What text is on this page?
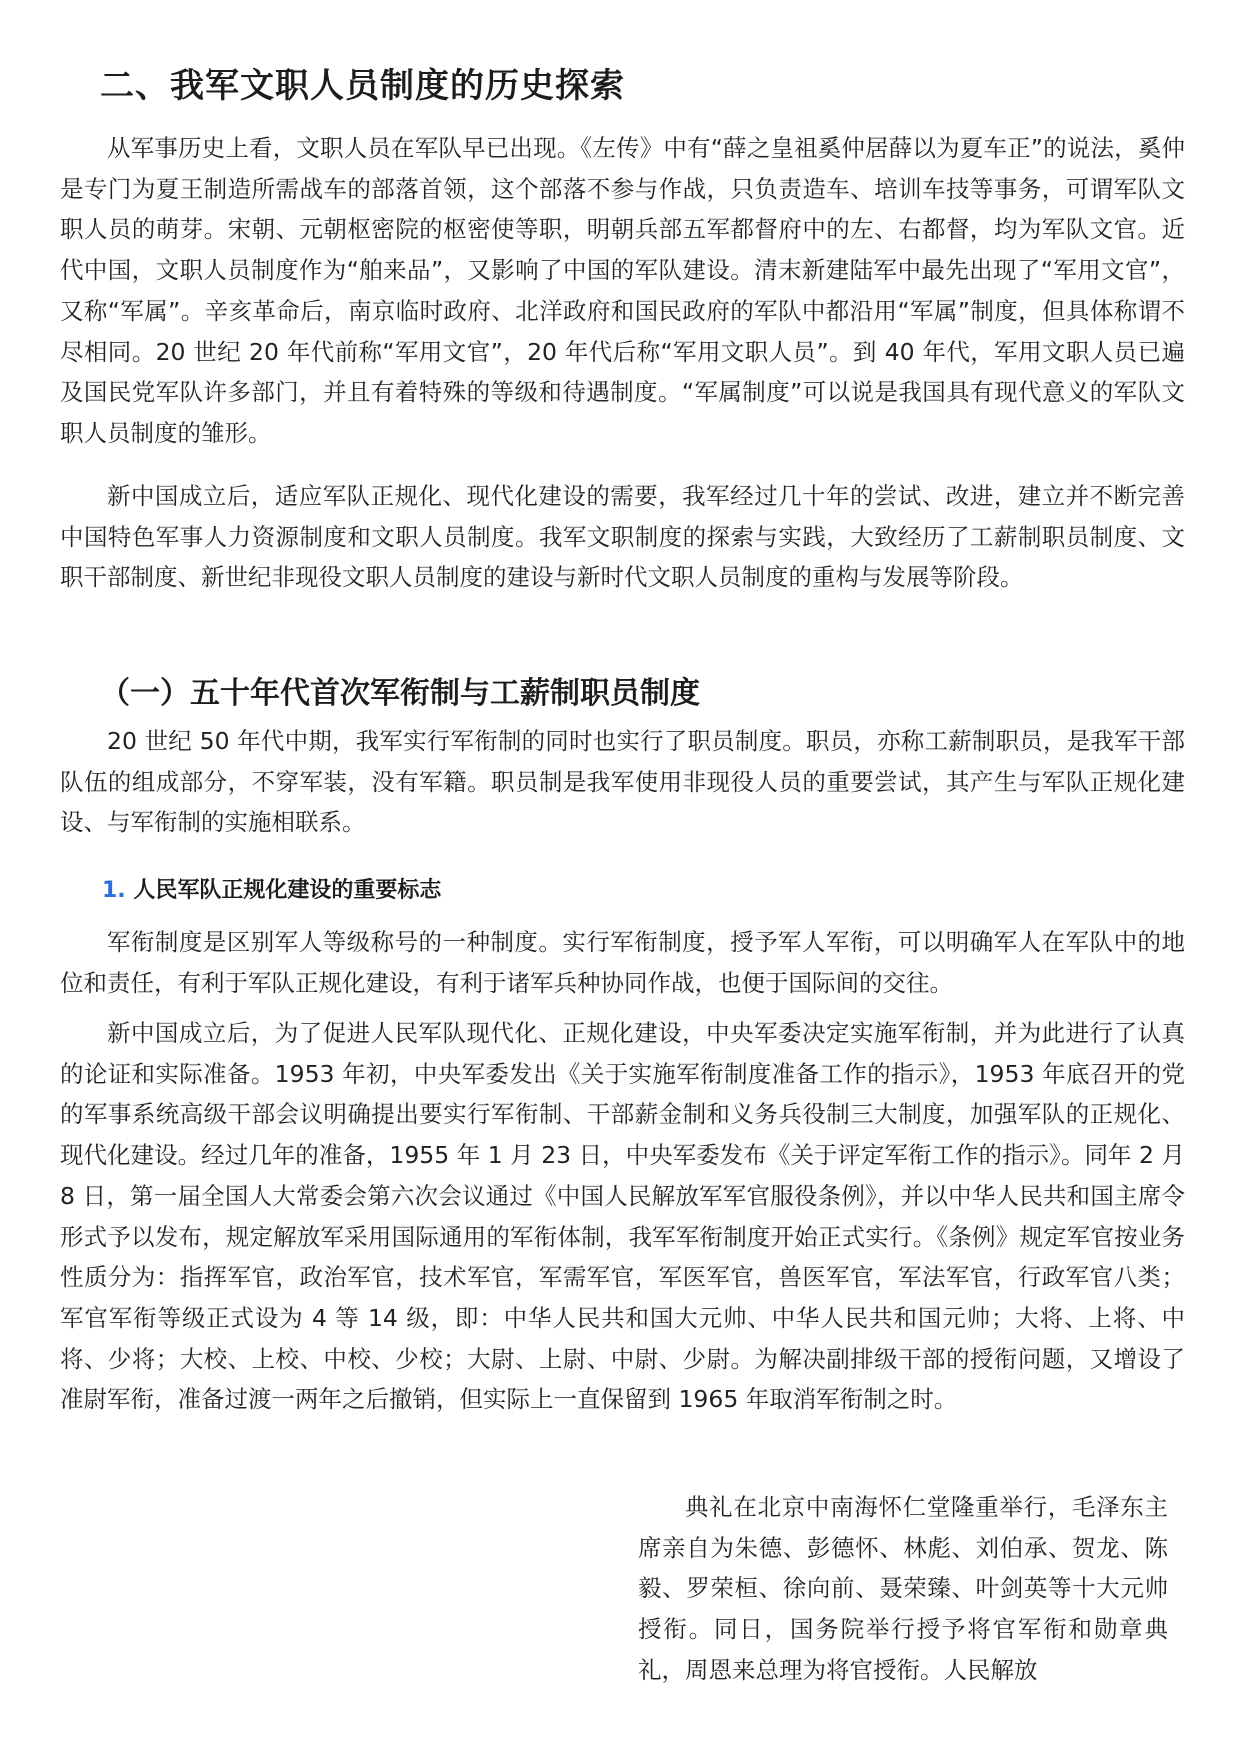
二、我军文职人员制度的历史探索

从军事历史上看，文职人员在军队早已出现。《左传》中有“薛之皇祖奚仲居薛以为夏车正”的说法，奚仲是专门为夏王制造所需战车的部落首领，这个部落不参与作战，只负责造车、培训车技等事务，可谓军队文职人员的萌芽。宋朝、元朝枢密院的枢密使等职，明朝兵部五军都督府中的左、右都督，均为军队文官。近代中国，文职人员制度作为“舶来品”，又影响了中国的军队建设。清末新建陆军中最先出现了“军用文官”，又称“军属”。辛亥革命后，南京临时政府、北洋政府和国民政府的军队中都沿用“军属”制度，但具体称谓不尽相同。20 世纪 20 年代前称“军用文官”，20 年代后称“军用文职人员”。到 40 年代，军用文职人员已遍及国民党军队许多部门，并且有着特殊的等级和待遇制度。“军属制度”可以说是我国具有现代意义的军队文职人员制度的雏形。

新中国成立后，适应军队正规化、现代化建设的需要，我军经过几十年的尝试、改进，建立并不断完善中国特色军事人力资源制度和文职人员制度。我军文职制度的探索与实践，大致经历了工薪制职员制度、文职干部制度、新世纪非现役文职人员制度的建设与新时代文职人员制度的重构与发展等阶段。

（一）五十年代首次军衔制与工薪制职员制度

20 世纪 50 年代中期，我军实行军衔制的同时也实行了职员制度。职员，亦称工薪制职员，是我军干部队伍的组成部分，不穿军装，没有军籍。职员制是我军使用非现役人员的重要尝试，其产生与军队正规化建设、与军衔制的实施相联系。

1. 人民军队正规化建设的重要标志

军衔制度是区别军人等级称号的一种制度。实行军衔制度，授予军人军衔，可以明确军人在军队中的地位和责任，有利于军队正规化建设，有利于诸军兵种协同作战，也便于国际间的交往。

新中国成立后，为了促进人民军队现代化、正规化建设，中央军委决定实施军衔制，并为此进行了认真的论证和实际准备。1953 年初，中央军委发出《关于实施军衔制度准备工作的指示》，1953 年底召开的党的军事系统高级干部会议明确提出要实行军衔制、干部薪金制和义务兵役制三大制度，加强军队的正规化、现代化建设。经过几年的准备，1955 年 1 月 23 日，中央军委发布《关于评定军衔工作的指示》。同年 2 月 8 日，第一届全国人大常委会第六次会议通过《中国人民解放军军官服役条例》，并以中华人民共和国主席令形式予以发布，规定解放军采用国际通用的军衔体制，我军军衔制度开始正式实行。《条例》规定军官按业务性质分为：指挥军官，政治军官，技术军官，军需军官，军医军官，兽医军官，军法军官，行政军官八类；军官军衔等级正式设为 4 等 14 级，即：中华人民共和国大元帅、中华人民共和国元帅；大将、上将、中将、少将；大校、上校、中校、少校；大尉、上尉、中尉、少尉。为解决副排级干部的授衔问题，又增设了准尉军衔，准备过渡一两年之后撤销，但实际上一直保留到 1965 年取消军衔制之时。

典礼在北京中南海怀仁堂隆重举行，毛泽东主席亲自为朱德、彭德怀、林彪、刘伯承、贺龙、陈毅、罗荣桓、徐向前、聂荣臻、叶剑英等十大元帅授衔。同日，国务院举行授予将官军衔和勋章典礼，周恩来总理为将官授衔。人民解放
